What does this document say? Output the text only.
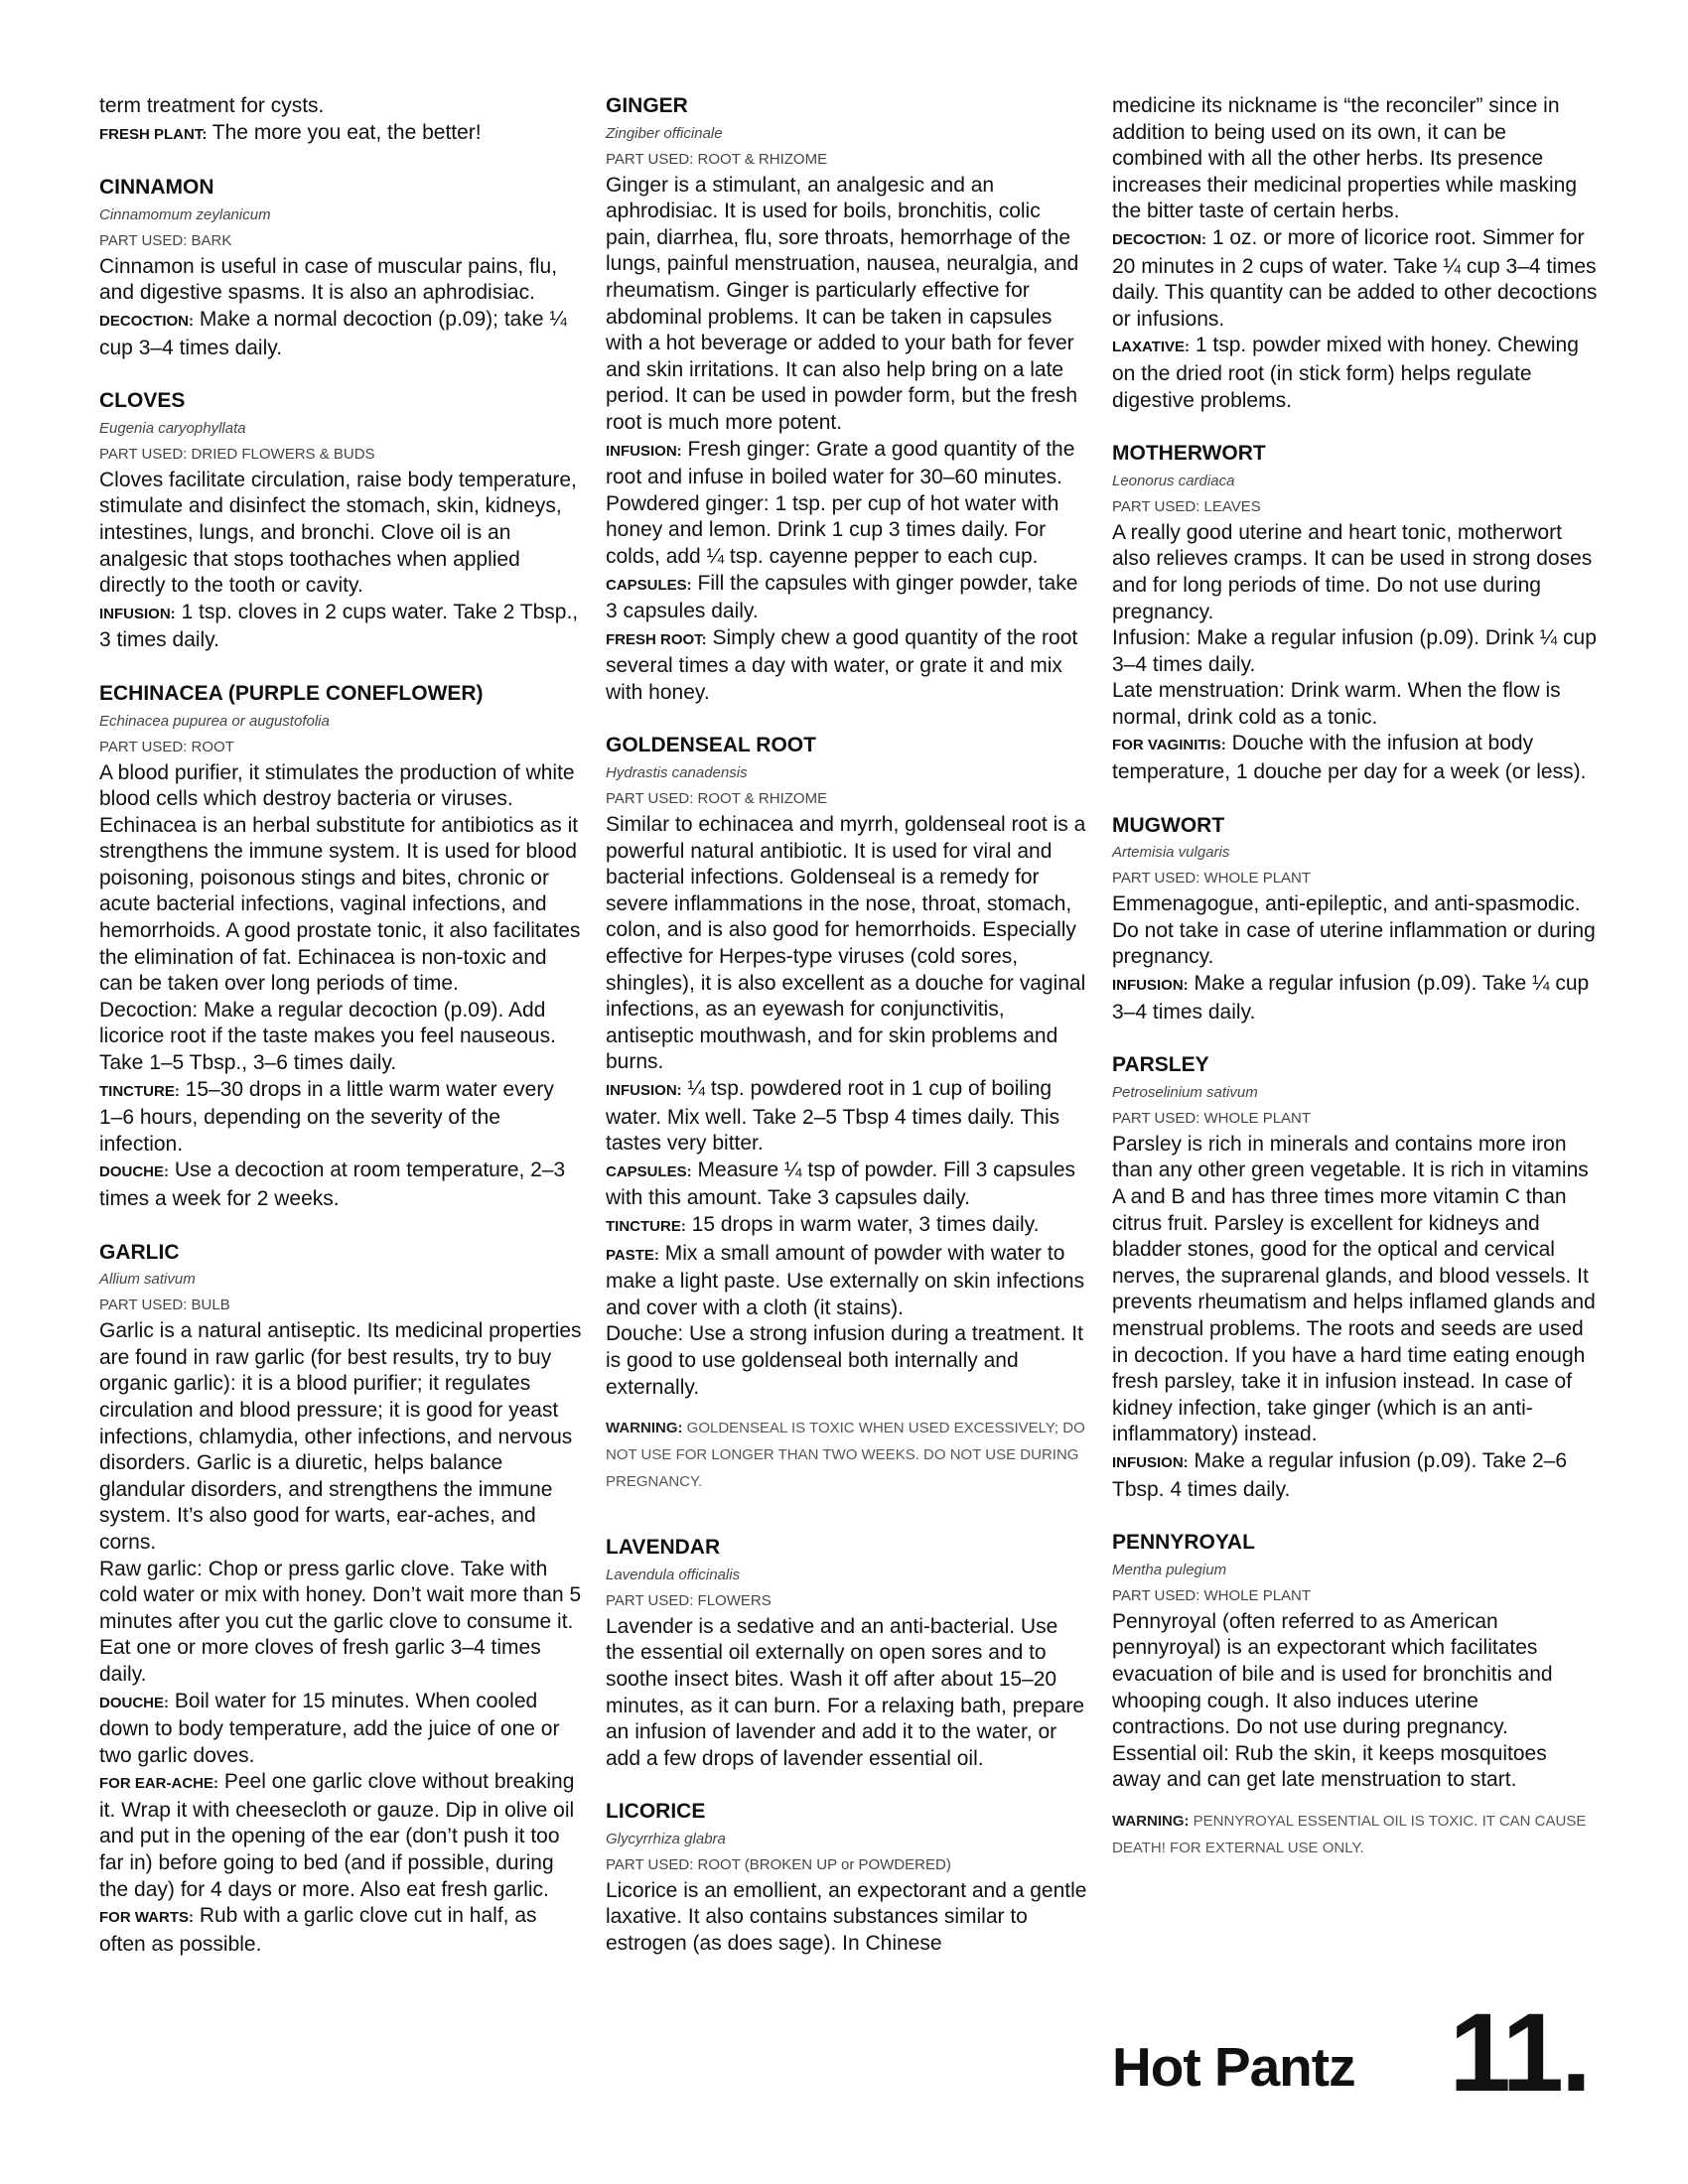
term treatment for cysts.
FRESH PLANT: The more you eat, the better!
CINNAMON
Cinnamomum zeylanicum
PART USED: BARK
Cinnamon is useful in case of muscular pains, flu, and digestive spasms. It is also an aphrodisiac.
DECOCTION: Make a normal decoction (p.09); take ¼ cup 3–4 times daily.
CLOVES
Eugenia caryophyllata
PART USED: DRIED FLOWERS & BUDS
Cloves facilitate circulation, raise body temperature, stimulate and disinfect the stomach, skin, kidneys, intestines, lungs, and bronchi. Clove oil is an analgesic that stops toothaches when applied directly to the tooth or cavity.
INFUSION: 1 tsp. cloves in 2 cups water. Take 2 Tbsp., 3 times daily.
ECHINACEA (PURPLE CONEFLOWER)
Echinacea pupurea or augustofolia
PART USED: ROOT
A blood purifier, it stimulates the production of white blood cells which destroy bacteria or viruses. Echinacea is an herbal substitute for antibiotics as it strengthens the immune system. It is used for blood poisoning, poisonous stings and bites, chronic or acute bacterial infections, vaginal infections, and hemorrhoids. A good prostate tonic, it also facilitates the elimination of fat. Echinacea is non-toxic and can be taken over long periods of time.
Decoction: Make a regular decoction (p.09). Add licorice root if the taste makes you feel nauseous. Take 1–5 Tbsp., 3–6 times daily.
TINCTURE: 15–30 drops in a little warm water every 1–6 hours, depending on the severity of the infection.
DOUCHE: Use a decoction at room temperature, 2–3 times a week for 2 weeks.
GARLIC
Allium sativum
PART USED: BULB
Garlic is a natural antiseptic. Its medicinal properties are found in raw garlic (for best results, try to buy organic garlic): it is a blood purifier; it regulates circulation and blood pressure; it is good for yeast infections, chlamydia, other infections, and nervous disorders. Garlic is a diuretic, helps balance glandular disorders, and strengthens the immune system. It’s also good for warts, ear-aches, and corns.
Raw garlic: Chop or press garlic clove. Take with cold water or mix with honey. Don’t wait more than 5 minutes after you cut the garlic clove to consume it. Eat one or more cloves of fresh garlic 3–4 times daily.
DOUCHE: Boil water for 15 minutes. When cooled down to body temperature, add the juice of one or two garlic doves.
FOR EAR-ACHE: Peel one garlic clove without breaking it. Wrap it with cheesecloth or gauze. Dip in olive oil and put in the opening of the ear (don’t push it too far in) before going to bed (and if possible, during the day) for 4 days or more. Also eat fresh garlic.
FOR WARTS: Rub with a garlic clove cut in half, as often as possible.
GINGER
Zingiber officinale
PART USED: ROOT & RHIZOME
Ginger is a stimulant, an analgesic and an aphrodisiac. It is used for boils, bronchitis, colic pain, diarrhea, flu, sore throats, hemorrhage of the lungs, painful menstruation, nausea, neuralgia, and rheumatism. Ginger is particularly effective for abdominal problems. It can be taken in capsules with a hot beverage or added to your bath for fever and skin irritations. It can also help bring on a late period. It can be used in powder form, but the fresh root is much more potent.
INFUSION: Fresh ginger: Grate a good quantity of the root and infuse in boiled water for 30–60 minutes. Powdered ginger: 1 tsp. per cup of hot water with honey and lemon. Drink 1 cup 3 times daily. For colds, add ¼ tsp. cayenne pepper to each cup.
CAPSULES: Fill the capsules with ginger powder, take 3 capsules daily.
FRESH ROOT: Simply chew a good quantity of the root several times a day with water, or grate it and mix with honey.
GOLDENSEAL ROOT
Hydrastis canadensis
PART USED: ROOT & RHIZOME
Similar to echinacea and myrrh, goldenseal root is a powerful natural antibiotic. It is used for viral and bacterial infections. Goldenseal is a remedy for severe inflammations in the nose, throat, stomach, colon, and is also good for hemorrhoids. Especially effective for Herpes-type viruses (cold sores, shingles), it is also excellent as a douche for vaginal infections, as an eyewash for conjunctivitis, antiseptic mouthwash, and for skin problems and burns.
INFUSION: ¼ tsp. powdered root in 1 cup of boiling water. Mix well. Take 2–5 Tbsp 4 times daily. This tastes very bitter.
CAPSULES: Measure ¼ tsp of powder. Fill 3 capsules with this amount. Take 3 capsules daily.
TINCTURE: 15 drops in warm water, 3 times daily.
PASTE: Mix a small amount of powder with water to make a light paste. Use externally on skin infections and cover with a cloth (it stains).
Douche: Use a strong infusion during a treatment. It is good to use goldenseal both internally and externally.
WARNING: GOLDENSEAL IS TOXIC WHEN USED EXCESSIVELY; DO NOT USE FOR LONGER THAN TWO WEEKS. DO NOT USE DURING PREGNANCY.
LAVENDAR
Lavendula officinalis
PART USED: FLOWERS
Lavender is a sedative and an anti-bacterial. Use the essential oil externally on open sores and to soothe insect bites. Wash it off after about 15–20 minutes, as it can burn. For a relaxing bath, prepare an infusion of lavender and add it to the water, or add a few drops of lavender essential oil.
LICORICE
Glycyrrhiza glabra
PART USED: ROOT (BROKEN UP or POWDERED)
Licorice is an emollient, an expectorant and a gentle laxative. It also contains substances similar to estrogen (as does sage). In Chinese
medicine its nickname is “the reconciler” since in addition to being used on its own, it can be combined with all the other herbs. Its presence increases their medicinal properties while masking the bitter taste of certain herbs.
DECOCTION: 1 oz. or more of licorice root. Simmer for 20 minutes in 2 cups of water. Take ¼ cup 3–4 times daily. This quantity can be added to other decoctions or infusions.
LAXATIVE: 1 tsp. powder mixed with honey. Chewing on the dried root (in stick form) helps regulate digestive problems.
MOTHERWORT
Leonorus cardiaca
PART USED: LEAVES
A really good uterine and heart tonic, motherwort also relieves cramps. It can be used in strong doses and for long periods of time. Do not use during pregnancy.
Infusion: Make a regular infusion (p.09). Drink ¼ cup 3–4 times daily.
Late menstruation: Drink warm. When the flow is normal, drink cold as a tonic.
FOR VAGINITIS: Douche with the infusion at body temperature, 1 douche per day for a week (or less).
MUGWORT
Artemisia vulgaris
PART USED: WHOLE PLANT
Emmenagogue, anti-epileptic, and anti-spasmodic. Do not take in case of uterine inflammation or during pregnancy.
INFUSION: Make a regular infusion (p.09). Take ¼ cup 3–4 times daily.
PARSLEY
Petroselinium sativum
PART USED: WHOLE PLANT
Parsley is rich in minerals and contains more iron than any other green vegetable. It is rich in vitamins A and B and has three times more vitamin C than citrus fruit. Parsley is excellent for kidneys and bladder stones, good for the optical and cervical nerves, the suprarenal glands, and blood vessels. It prevents rheumatism and helps inflamed glands and menstrual problems. The roots and seeds are used in decoction. If you have a hard time eating enough fresh parsley, take it in infusion instead. In case of kidney infection, take ginger (which is an anti-inflammatory) instead.
INFUSION: Make a regular infusion (p.09). Take 2–6 Tbsp. 4 times daily.
PENNYROYAL
Mentha pulegium
PART USED: WHOLE PLANT
Pennyroyal (often referred to as American pennyroyal) is an expectorant which facilitates evacuation of bile and is used for bronchitis and whooping cough. It also induces uterine contractions. Do not use during pregnancy.
Essential oil: Rub the skin, it keeps mosquitoes away and can get late menstruation to start.
WARNING: PENNYROYAL ESSENTIAL OIL IS TOXIC. IT CAN CAUSE DEATH! FOR EXTERNAL USE ONLY.
Hot Pantz 11.
